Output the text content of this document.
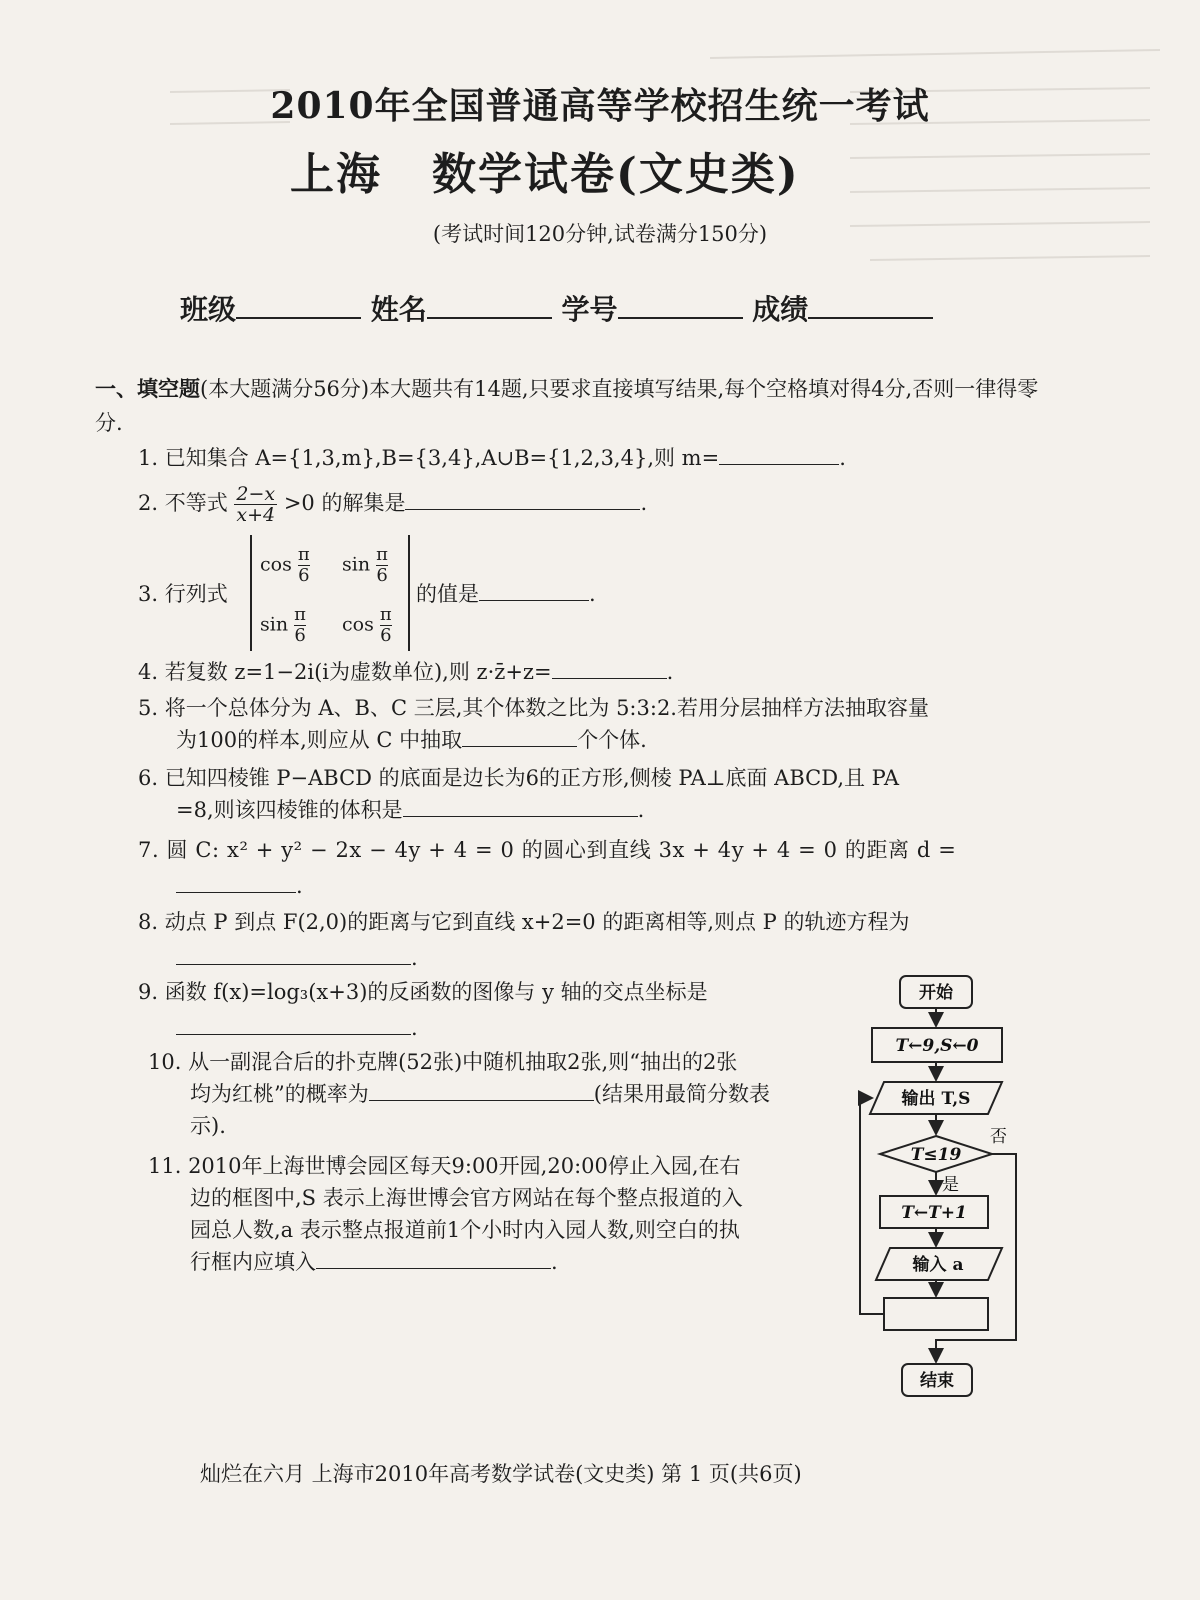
2010年全国普通高等学校招生统一考试
上海 数学试卷(文史类)
(考试时间120分钟,试卷满分150分)
班级	姓名	学号	成绩
一、填空题(本大题满分56分)本大题共有14题,只要求直接填写结果,每个空格填对得4分,否则一律得零分.
1. 已知集合 A={1,3,m},B={3,4},A∪B={1,2,3,4},则 m=	.
2. 不等式 $\frac{2-x}{x+4} >0$ 的解集是	.
3. 行列式
$\cos \frac{\pi}{6}$ $\sin \frac{\pi}{6}$
$\sin \frac{\pi}{6}$ $\cos \frac{\pi}{6}$
的值是	.
4. 若复数 z=1−2i(i为虚数单位),则 z·z̄+z=	.
5. 将一个总体分为 A、B、C 三层,其个体数之比为 5:3:2.若用分层抽样方法抽取容量
为100的样本,则应从 C 中抽取	个个体.
6. 已知四棱锥 P−ABCD 的底面是边长为6的正方形,侧棱 PA⊥底面 ABCD,且 PA
=8,则该四棱锥的体积是	.
7. 圆 C: x² + y² − 2x − 4y + 4 = 0 的圆心到直线 3x + 4y + 4 = 0 的距离 d =
.
8. 动点 P 到点 F(2,0)的距离与它到直线 x+2=0 的距离相等,则点 P 的轨迹方程为
.
9. 函数 f(x)=log₃(x+3)的反函数的图像与 y 轴的交点坐标是
.
10. 从一副混合后的扑克牌(52张)中随机抽取2张,则“抽出的2张
均为红桃”的概率为	(结果用最简分数表
示).
11. 2010年上海世博会园区每天9:00开园,20:00停止入园,在右
边的框图中,S 表示上海世博会官方网站在每个整点报道的入
园总人数,a 表示整点报道前1个小时内入园人数,则空白的执
行框内应填入	.
开始
T←9,S←0
输出 T,S
T≤19
否
是
T←T+1
输入 a
结束
灿烂在六月 上海市2010年高考数学试卷(文史类) 第 1 页(共6页)
